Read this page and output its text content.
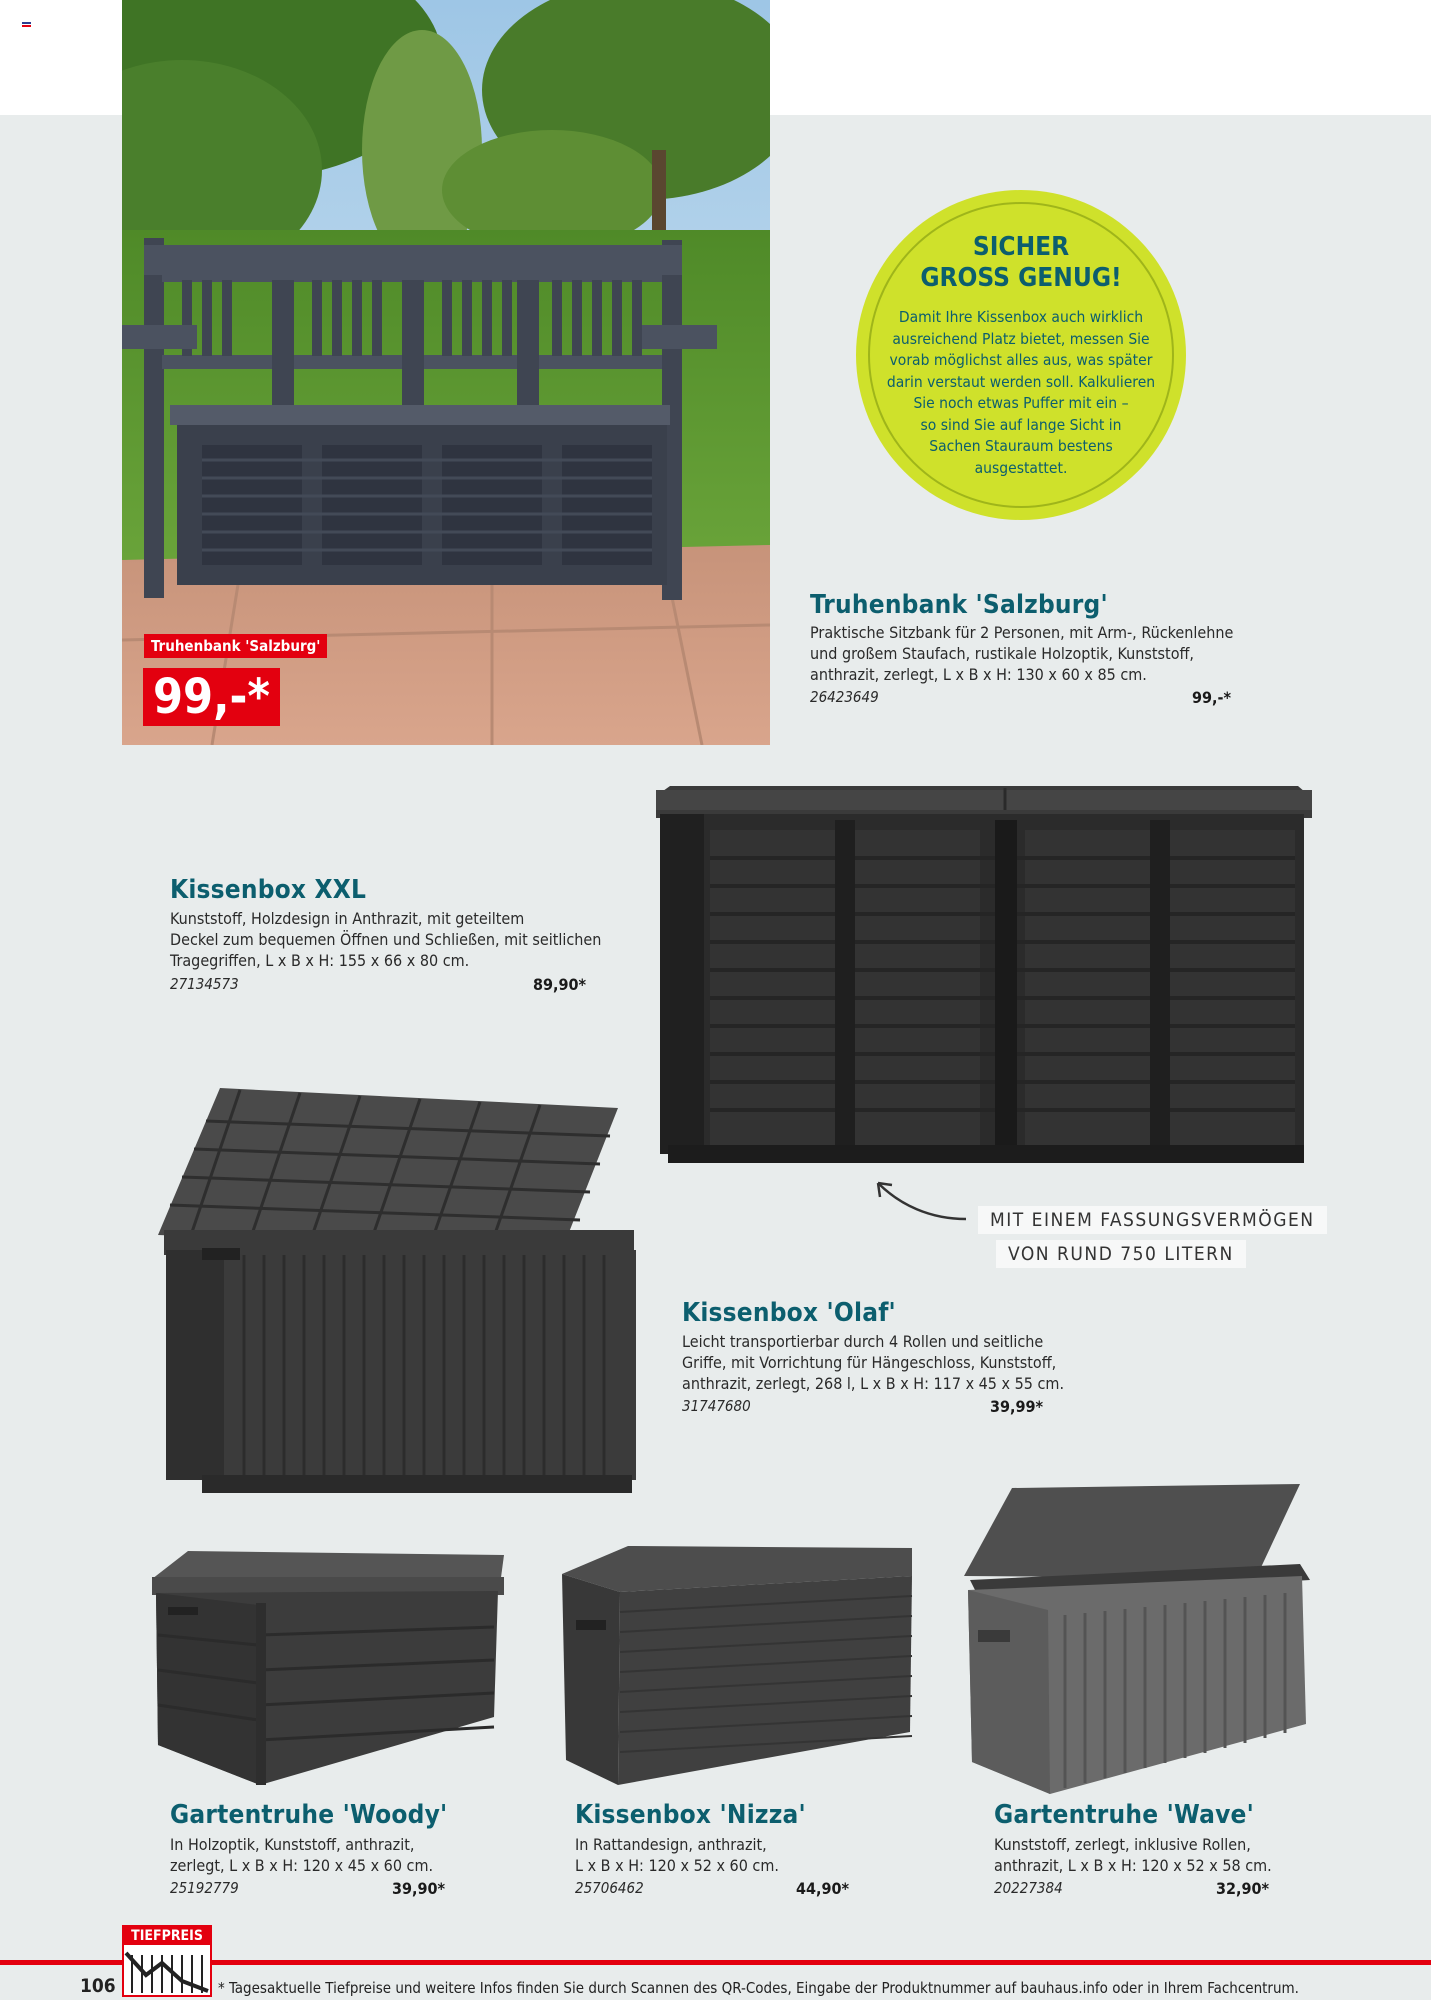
Truhenbank 'Salzburg'
99,-*
SICHER
GROSS GENUG!
Damit Ihre Kissenbox auch wirklich
ausreichend Platz bietet, messen Sie
vorab möglichst alles aus, was später
darin verstaut werden soll. Kalkulieren
Sie noch etwas Puffer mit ein –
so sind Sie auf lange Sicht in
Sachen Stauraum bestens
ausgestattet.
Truhenbank 'Salzburg'
Praktische Sitzbank für 2 Personen, mit Arm-, Rückenlehne
und großem Staufach, rustikale Holzoptik, Kunststoff,
anthrazit, zerlegt, L x B x H: 130 x 60 x 85 cm.
26423649	99,-*
Kissenbox XXL
Kunststoff, Holzdesign in Anthrazit, mit geteiltem
Deckel zum bequemen Öffnen und Schließen, mit seitlichen
Tragegriffen, L x B x H: 155 x 66 x 80 cm.
27134573	89,90*
MIT EINEM FASSUNGSVERMÖGEN
VON RUND 750 LITERN
Kissenbox 'Olaf'
Leicht transportierbar durch 4 Rollen und seitliche
Griffe, mit Vorrichtung für Hängeschloss, Kunststoff,
anthrazit, zerlegt, 268 l, L x B x H: 117 x 45 x 55 cm.
31747680	39,99*
Gartentruhe 'Woody'
In Holzoptik, Kunststoff, anthrazit,
zerlegt, L x B x H: 120 x 45 x 60 cm.
25192779	39,90*
Kissenbox 'Nizza'
In Rattandesign, anthrazit,
L x B x H: 120 x 52 x 60 cm.
25706462	44,90*
Gartentruhe 'Wave'
Kunststoff, zerlegt, inklusive Rollen,
anthrazit, L x B x H: 120 x 52 x 58 cm.
20227384	32,90*
TIEFPREIS
106	* Tagesaktuelle Tiefpreise und weitere Infos finden Sie durch Scannen des QR-Codes, Eingabe der Produktnummer auf bauhaus.info oder in Ihrem Fachcentrum.
